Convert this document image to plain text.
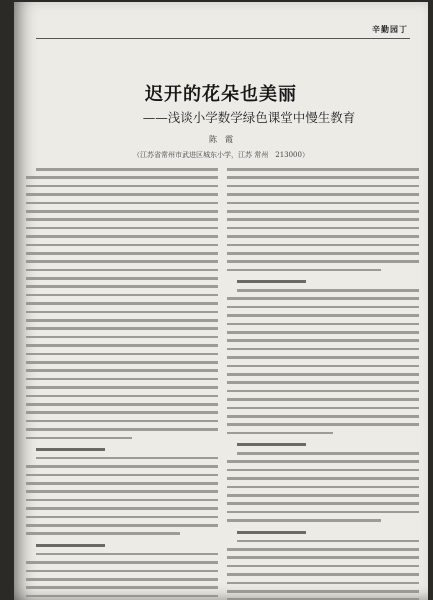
辛勤园丁
迟开的花朵也美丽
——浅谈小学数学绿色课堂中慢生教育
陈　霞
（江苏省常州市武进区城东小学，江苏 常州　213000）
